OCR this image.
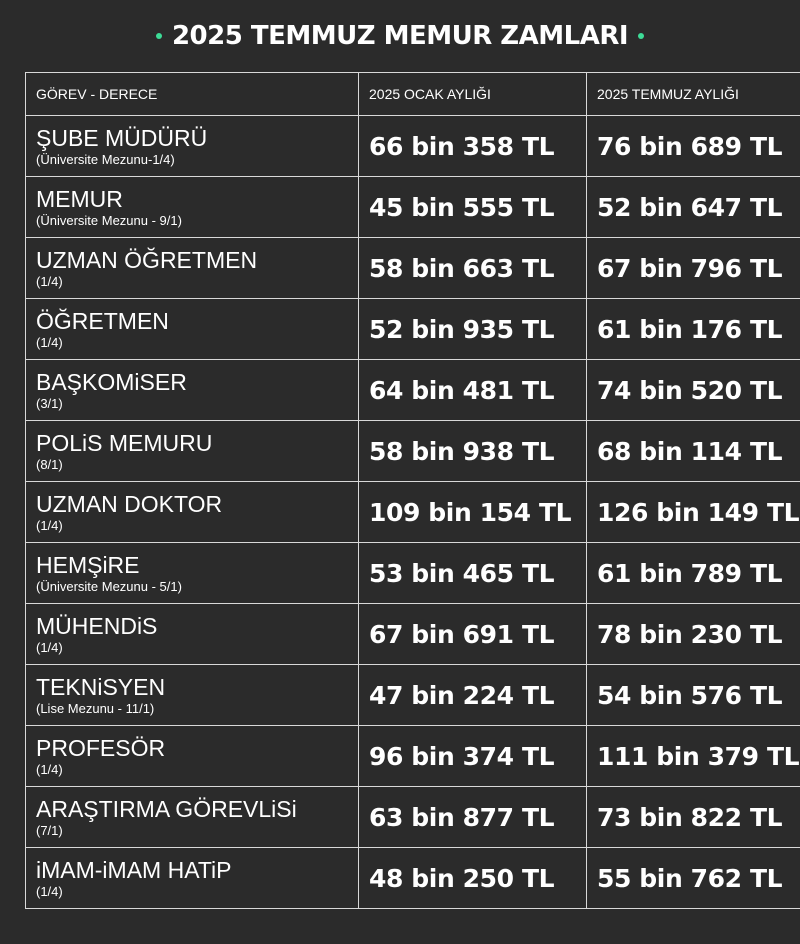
2025 TEMMUZ MEMUR ZAMLARI
GÖREV - DERECE	2025 OCAK AYLIĞI	2025 TEMMUZ AYLIĞI

ŞUBE MÜDÜRÜ
(Üniversite Mezunu-1/4)	66 bin 358 TL	76 bin 689 TL

MEMUR
(Üniversite Mezunu - 9/1)	45 bin 555 TL	52 bin 647 TL

UZMAN ÖĞRETMEN
(1/4)	58 bin 663 TL	67 bin 796 TL

ÖĞRETMEN
(1/4)	52 bin 935 TL	61 bin 176 TL

BAŞKOMiSER
(3/1)	64 bin 481 TL	74 bin 520 TL

POLiS MEMURU
(8/1)	58 bin 938 TL	68 bin 114 TL

UZMAN DOKTOR
(1/4)	109 bin 154 TL	126 bin 149 TL

HEMŞiRE
(Üniversite Mezunu - 5/1)	53 bin 465 TL	61 bin 789 TL

MÜHENDiS
(1/4)	67 bin 691 TL	78 bin 230 TL

TEKNiSYEN
(Lise Mezunu - 11/1)	47 bin 224 TL	54 bin 576 TL

PROFESÖR
(1/4)	96 bin 374 TL	111 bin 379 TL

ARAŞTIRMA GÖREVLiSi
(7/1)	63 bin 877 TL	73 bin 822 TL

iMAM-iMAM HATiP
(1/4)	48 bin 250 TL	55 bin 762 TL
